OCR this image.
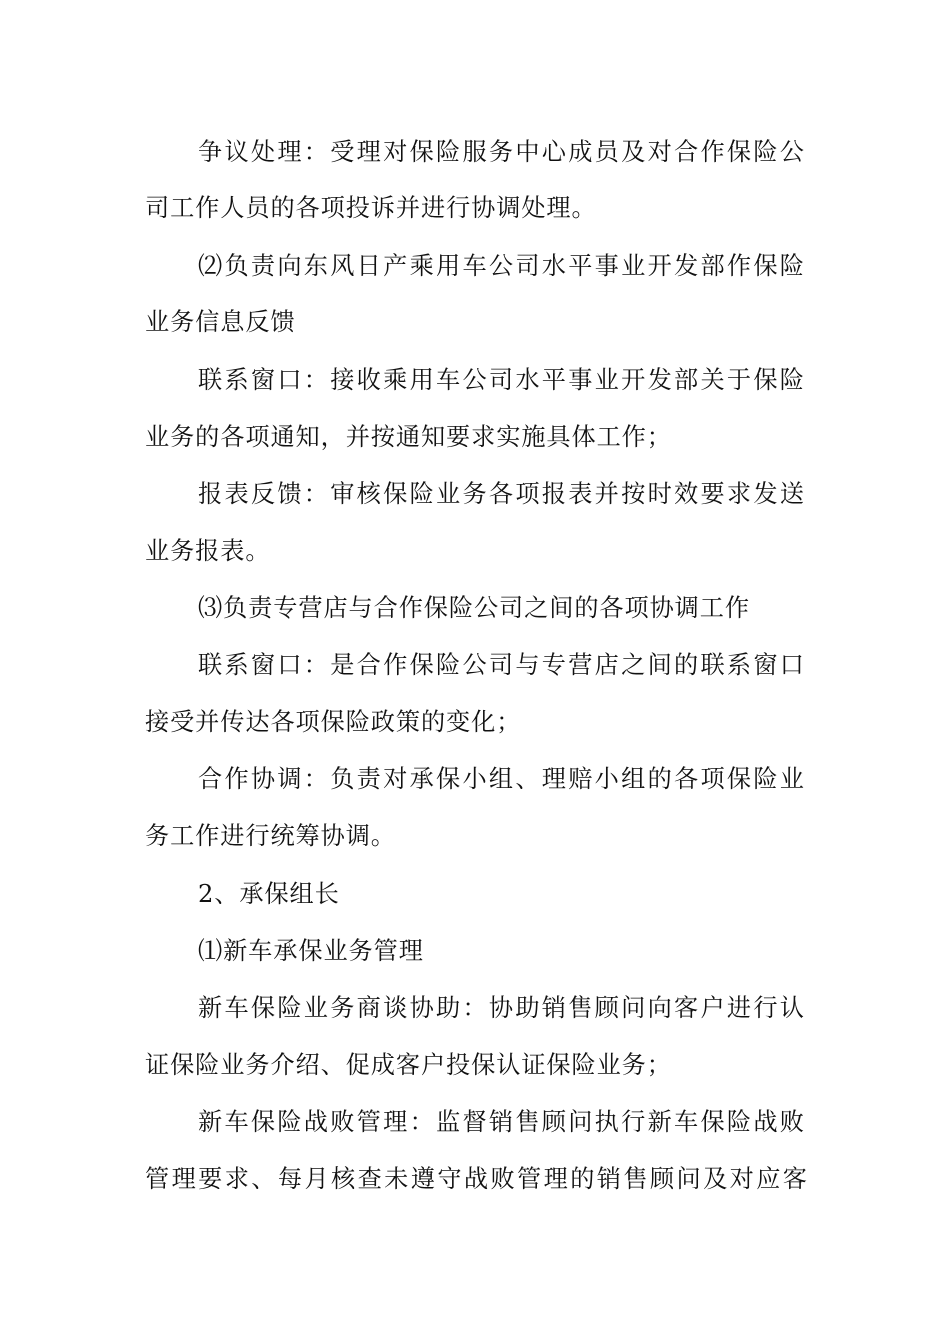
争议处理：受理对保险服务中心成员及对合作保险公
司工作人员的各项投诉并进行协调处理。
⑵负责向东风日产乘用车公司水平事业开发部作保险
业务信息反馈
联系窗口：接收乘用车公司水平事业开发部关于保险
业务的各项通知，并按通知要求实施具体工作；
报表反馈：审核保险业务各项报表并按时效要求发送
业务报表。
⑶负责专营店与合作保险公司之间的各项协调工作
联系窗口：是合作保险公司与专营店之间的联系窗口
接受并传达各项保险政策的变化；
合作协调：负责对承保小组、理赔小组的各项保险业
务工作进行统筹协调。
2、承保组长
⑴新车承保业务管理
新车保险业务商谈协助：协助销售顾问向客户进行认
证保险业务介绍、促成客户投保认证保险业务；
新车保险战败管理：监督销售顾问执行新车保险战败
管理要求、每月核查未遵守战败管理的销售顾问及对应客
